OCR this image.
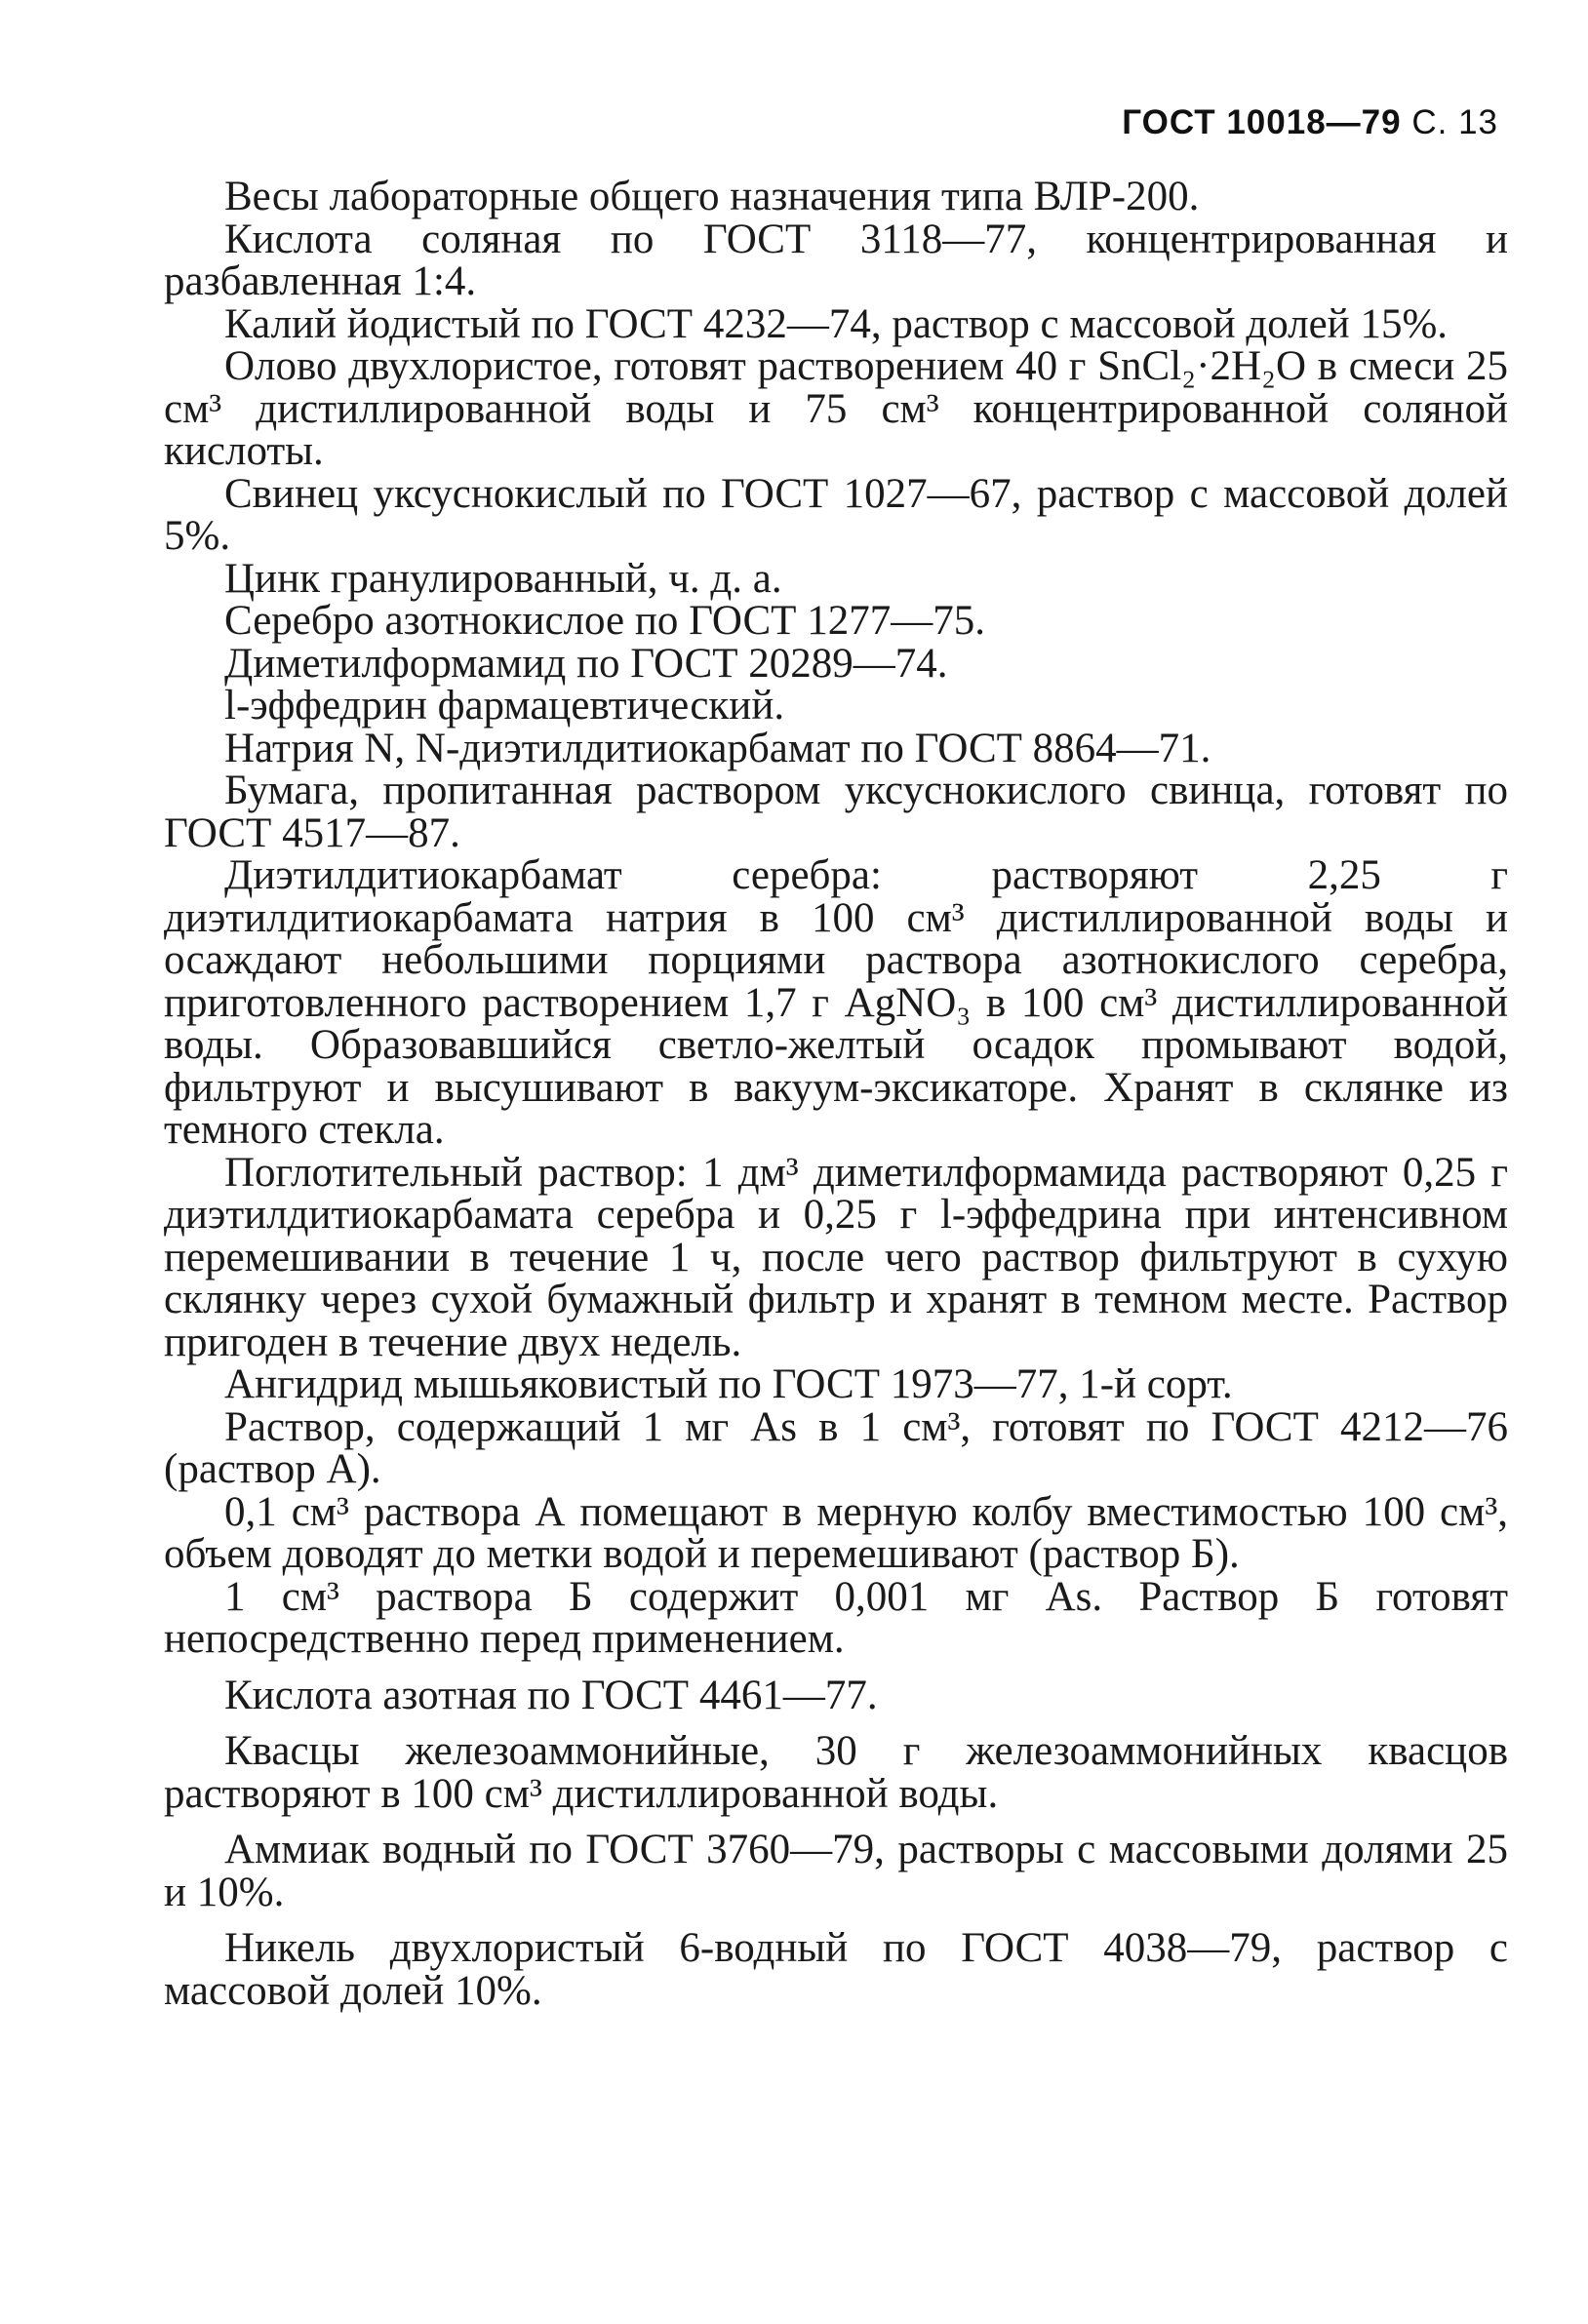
ГОСТ 10018—79 С. 13

Весы лабораторные общего назначения типа ВЛР-200.

Кислота соляная по ГОСТ 3118—77, концентрированная и разбавленная 1:4.

Калий йодистый по ГОСТ 4232—74, раствор с массовой долей 15%.

Олово двухлористое, готовят растворением 40 г SnCl₂·2H₂O в смеси 25 см³ дистиллированной воды и 75 см³ концентрированной соляной кислоты.

Свинец уксуснокислый по ГОСТ 1027—67, раствор с массовой долей 5%.

Цинк гранулированный, ч. д. а.

Серебро азотнокислое по ГОСТ 1277—75.

Диметилформамид по ГОСТ 20289—74.

l-эффедрин фармацевтический.

Натрия N, N-диэтилдитиокарбамат по ГОСТ 8864—71.

Бумага, пропитанная раствором уксуснокислого свинца, готовят по ГОСТ 4517—87.

Диэтилдитиокарбамат серебра: растворяют 2,25 г диэтилдитиокарбамата натрия в 100 см³ дистиллированной воды и осаждают небольшими порциями раствора азотнокислого серебра, приготовленного растворением 1,7 г AgNO₃ в 100 см³ дистиллированной воды. Образовавшийся светло-желтый осадок промывают водой, фильтруют и высушивают в вакуум-эксикаторе. Хранят в склянке из темного стекла.

Поглотительный раствор: 1 дм³ диметилформамида растворяют 0,25 г диэтилдитиокарбамата серебра и 0,25 г l-эффедрина при интенсивном перемешивании в течение 1 ч, после чего раствор фильтруют в сухую склянку через сухой бумажный фильтр и хранят в темном месте. Раствор пригоден в течение двух недель.

Ангидрид мышьяковистый по ГОСТ 1973—77, 1-й сорт.

Раствор, содержащий 1 мг As в 1 см³, готовят по ГОСТ 4212—76 (раствор А).

0,1 см³ раствора А помещают в мерную колбу вместимостью 100 см³, объем доводят до метки водой и перемешивают (раствор Б).

1 см³ раствора Б содержит 0,001 мг As. Раствор Б готовят непосредственно перед применением.

Кислота азотная по ГОСТ 4461—77.

Квасцы железоаммонийные, 30 г железоаммонийных квасцов растворяют в 100 см³ дистиллированной воды.

Аммиак водный по ГОСТ 3760—79, растворы с массовыми долями 25 и 10%.

Никель двухлористый 6-водный по ГОСТ 4038—79, раствор с массовой долей 10%.
